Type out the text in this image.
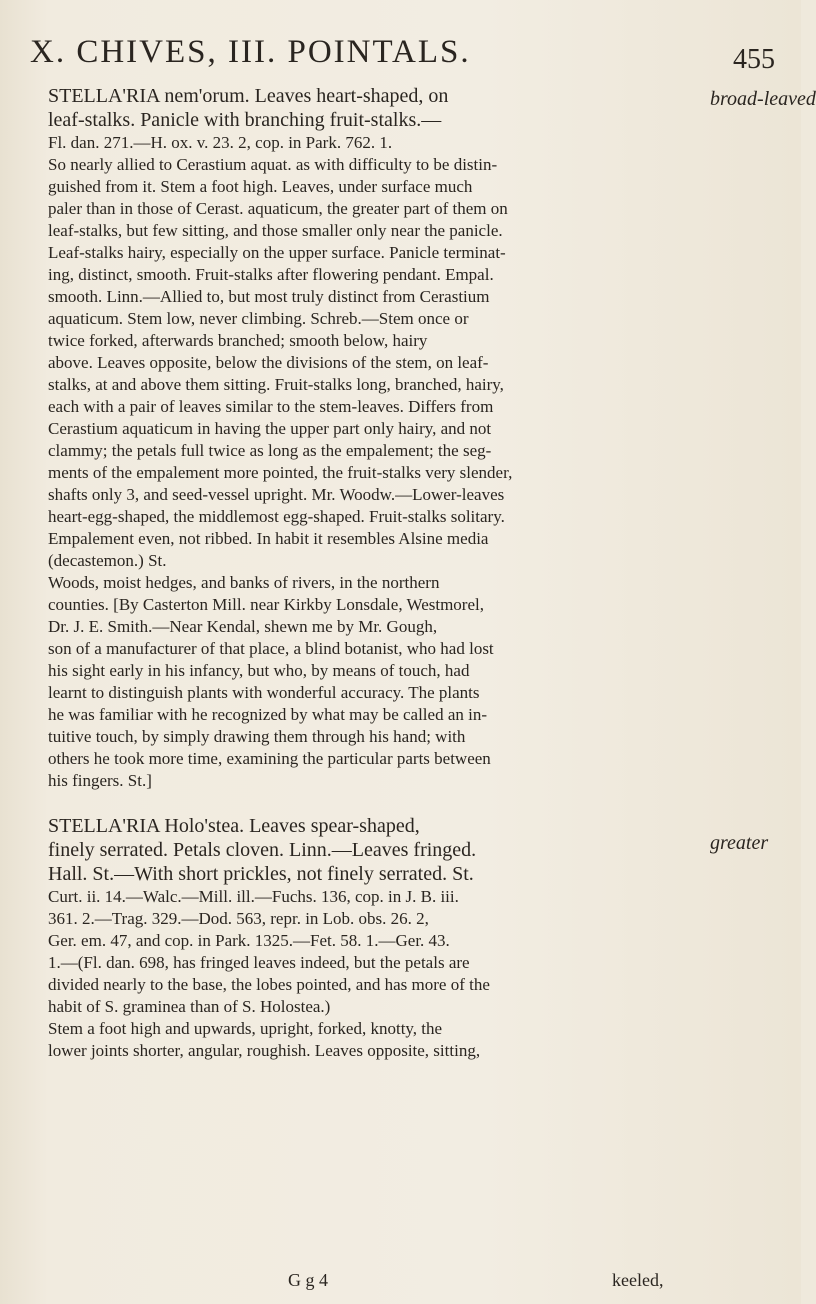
X. CHIVES, III. POINTALS.	455
broad-leaved
greater
STELLA'RIA nem'orum. Leaves heart-shaped, on
leaf-stalks. Panicle with branching fruit-stalks.—
Fl. dan. 271.—H. ox. v. 23. 2, cop. in Park. 762. 1.
So nearly allied to Cerastium aquat. as with difficulty to be distin-
guished from it. Stem a foot high. Leaves, under surface much
paler than in those of Cerast. aquaticum, the greater part of them on
leaf-stalks, but few sitting, and those smaller only near the panicle.
Leaf-stalks hairy, especially on the upper surface. Panicle terminat-
ing, distinct, smooth. Fruit-stalks after flowering pendant. Empal.
smooth. Linn.—Allied to, but most truly distinct from Cerastium
aquaticum. Stem low, never climbing. Schreb.—Stem once or
twice forked, afterwards branched; smooth below, hairy
above. Leaves opposite, below the divisions of the stem, on leaf-
stalks, at and above them sitting. Fruit-stalks long, branched, hairy,
each with a pair of leaves similar to the stem-leaves. Differs from
Cerastium aquaticum in having the upper part only hairy, and not
clammy; the petals full twice as long as the empalement; the seg-
ments of the empalement more pointed, the fruit-stalks very slender,
shafts only 3, and seed-vessel upright. Mr. Woodw.—Lower-leaves
heart-egg-shaped, the middlemost egg-shaped. Fruit-stalks solitary.
Empalement even, not ribbed. In habit it resembles Alsine media
(decastemon.) St.
Woods, moist hedges, and banks of rivers, in the northern
counties. [By Casterton Mill. near Kirkby Lonsdale, Westmorel,
Dr. J. E. Smith.—Near Kendal, shewn me by Mr. Gough,
son of a manufacturer of that place, a blind botanist, who had lost
his sight early in his infancy, but who, by means of touch, had
learnt to distinguish plants with wonderful accuracy. The plants
he was familiar with he recognized by what may be called an in-
tuitive touch, by simply drawing them through his hand; with
others he took more time, examining the particular parts between
his fingers. St.]
STELLA'RIA Holo'stea. Leaves spear-shaped,
finely serrated. Petals cloven. Linn.—Leaves fringed.
Hall. St.—With short prickles, not finely serrated. St.
Curt. ii. 14.—Walc.—Mill. ill.—Fuchs. 136, cop. in J. B. iii.
361. 2.—Trag. 329.—Dod. 563, repr. in Lob. obs. 26. 2,
Ger. em. 47, and cop. in Park. 1325.—Fet. 58. 1.—Ger. 43.
1.—(Fl. dan. 698, has fringed leaves indeed, but the petals are
divided nearly to the base, the lobes pointed, and has more of the
habit of S. graminea than of S. Holostea.)
Stem a foot high and upwards, upright, forked, knotty, the
lower joints shorter, angular, roughish. Leaves opposite, sitting,
G g 4	keeled,
